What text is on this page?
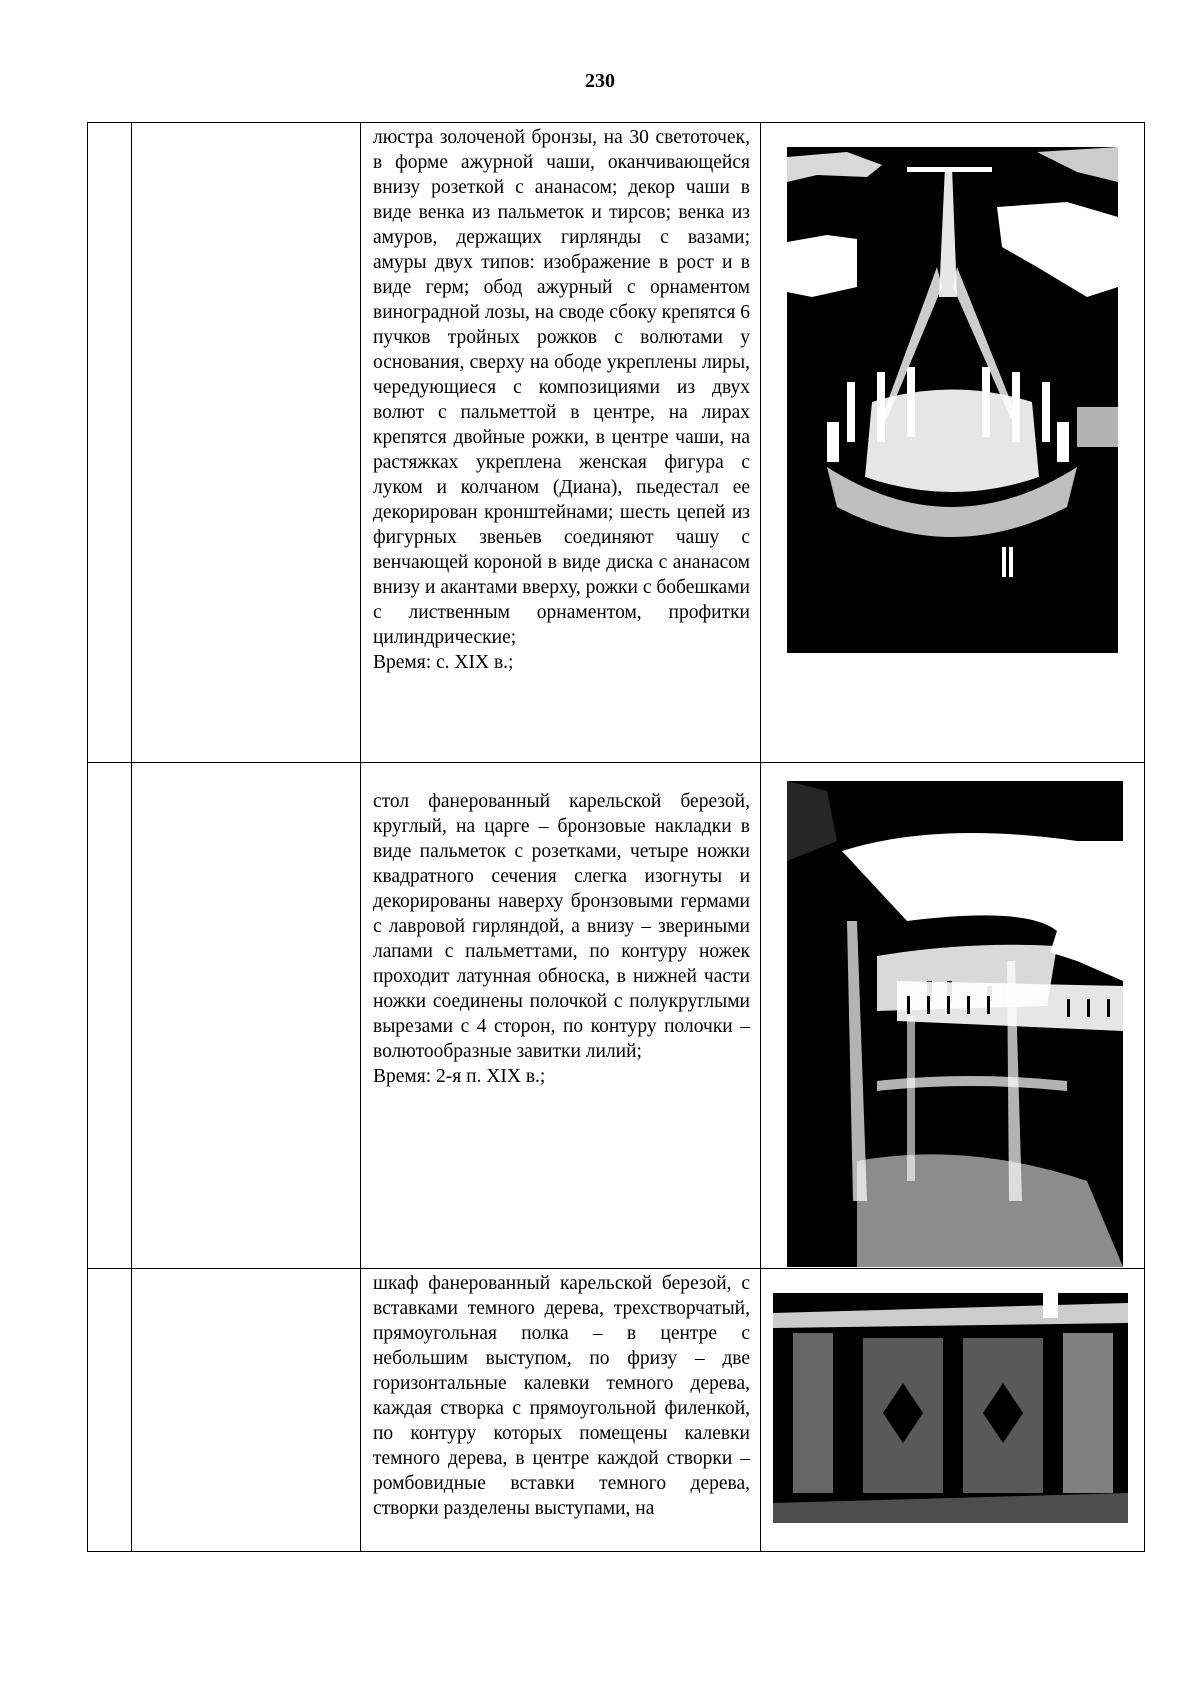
230

		люстра золоченой бронзы, на 30 светоточек, в форме ажурной чаши, оканчивающейся внизу розеткой с ананасом; декор чаши в виде венка из пальметок и тирсов; венка из амуров, держащих гирлянды с вазами; амуры двух типов: изображение в рост и в виде герм; обод ажурный с орнаментом виноградной лозы, на своде сбоку крепятся 6 пучков тройных рожков с волютами у основания, сверху на ободе укреплены лиры, чередующиеся с композициями из двух волют с пальметтой в центре, на лирах крепятся двойные рожки, в центре чаши, на растяжках укреплена женская фигура с луком и колчаном (Диана), пьедестал ее декорирован кронштейнами; шесть цепей из фигурных звеньев соединяют чашу с венчающей короной в виде диска с ананасом внизу и акантами вверху, рожки с бобешками с лиственным орнаментом, профитки цилиндрические;
Время: с. XIX в.;

		стол фанерованный карельской березой, круглый, на царге – бронзовые накладки в виде пальметок с розетками, четыре ножки квадратного сечения слегка изогнуты и декорированы наверху бронзовыми гермами с лавровой гирляндой, а внизу – звериными лапами с пальметтами, по контуру ножек проходит латунная обноска, в нижней части ножки соединены полочкой с полукруглыми вырезами с 4 сторон, по контуру полочки – волютообразные завитки лилий;
Время: 2-я п. XIX в.;

		шкаф фанерованный карельской березой, с вставками темного дерева, трехстворчатый, прямоугольная полка – в центре с небольшим выступом, по фризу – две горизонтальные калевки темного дерева, каждая створка с прямоугольной филенкой, по контуру которых помещены калевки темного дерева, в центре каждой створки – ромбовидные вставки темного дерева, створки разделены выступами, на
